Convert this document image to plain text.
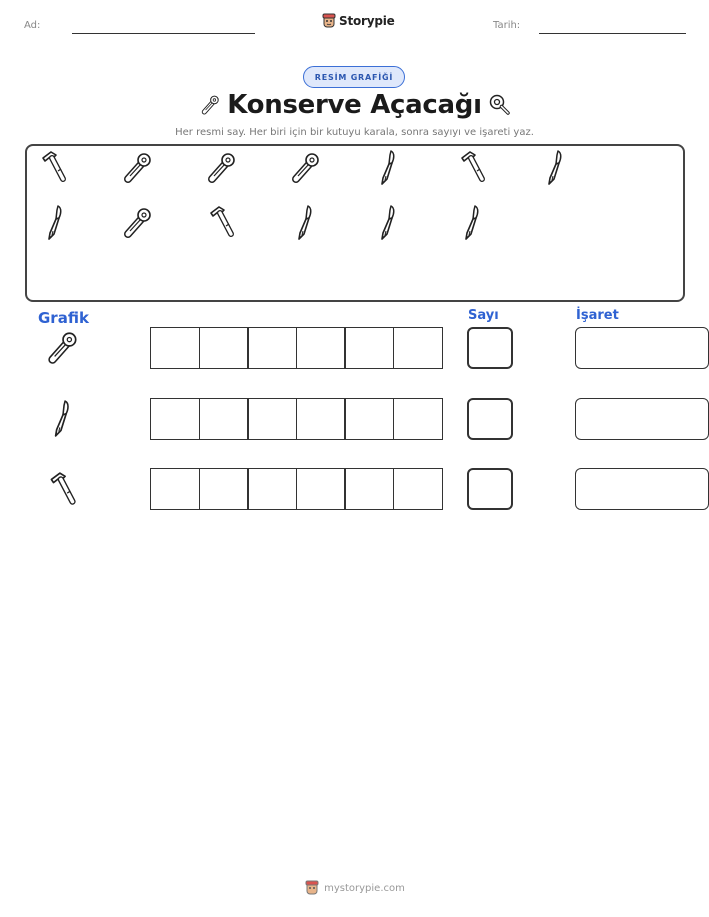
Ad:	Storypie	Tarih:
RESİM GRAFİĞİ
Konserve Açacağı
Her resmi say. Her biri için bir kutuyu karala, sonra sayıyı ve işareti yaz.
Grafik	Sayı	İşaret
mystorypie.com
